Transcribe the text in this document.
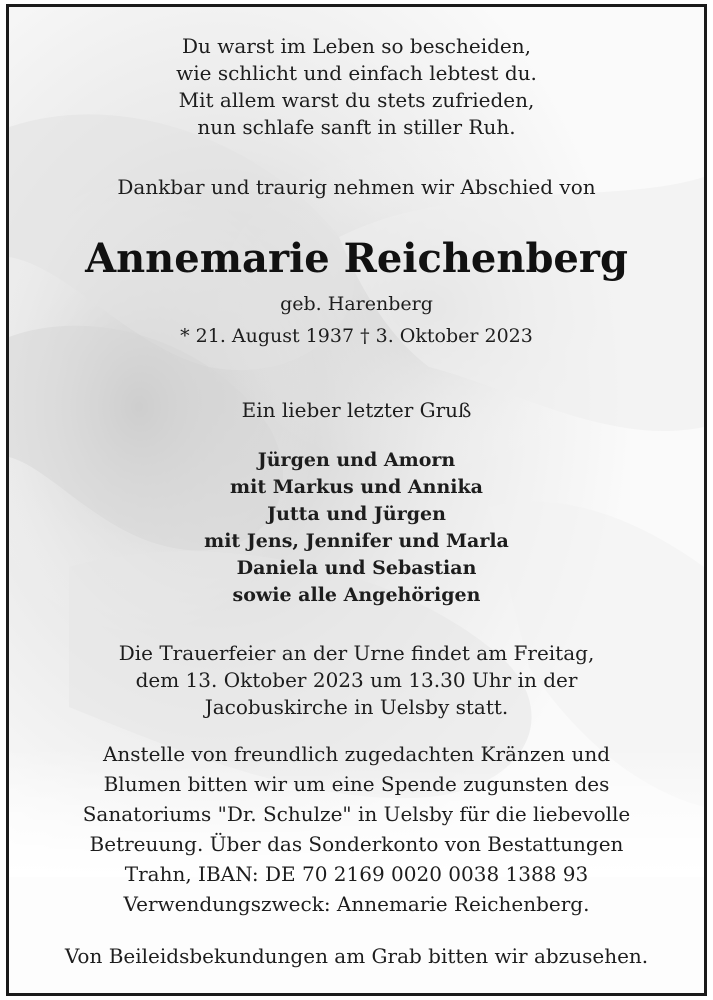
Du warst im Leben so bescheiden,
wie schlicht und einfach lebtest du.
Mit allem warst du stets zufrieden,
nun schlafe sanft in stiller Ruh.
Dankbar und traurig nehmen wir Abschied von
Annemarie Reichenberg
geb. Harenberg
* 21. August 1937 † 3. Oktober 2023
Ein lieber letzter Gruß
Jürgen und Amorn
mit Markus und Annika
Jutta und Jürgen
mit Jens, Jennifer und Marla
Daniela und Sebastian
sowie alle Angehörigen
Die Trauerfeier an der Urne findet am Freitag,
dem 13. Oktober 2023 um 13.30 Uhr in der
Jacobuskirche in Uelsby statt.
Anstelle von freundlich zugedachten Kränzen und
Blumen bitten wir um eine Spende zugunsten des
Sanatoriums "Dr. Schulze" in Uelsby für die liebevolle
Betreuung. Über das Sonderkonto von Bestattungen
Trahn, IBAN: DE 70 2169 0020 0038 1388 93
Verwendungszweck: Annemarie Reichenberg.
Von Beileidsbekundungen am Grab bitten wir abzusehen.
